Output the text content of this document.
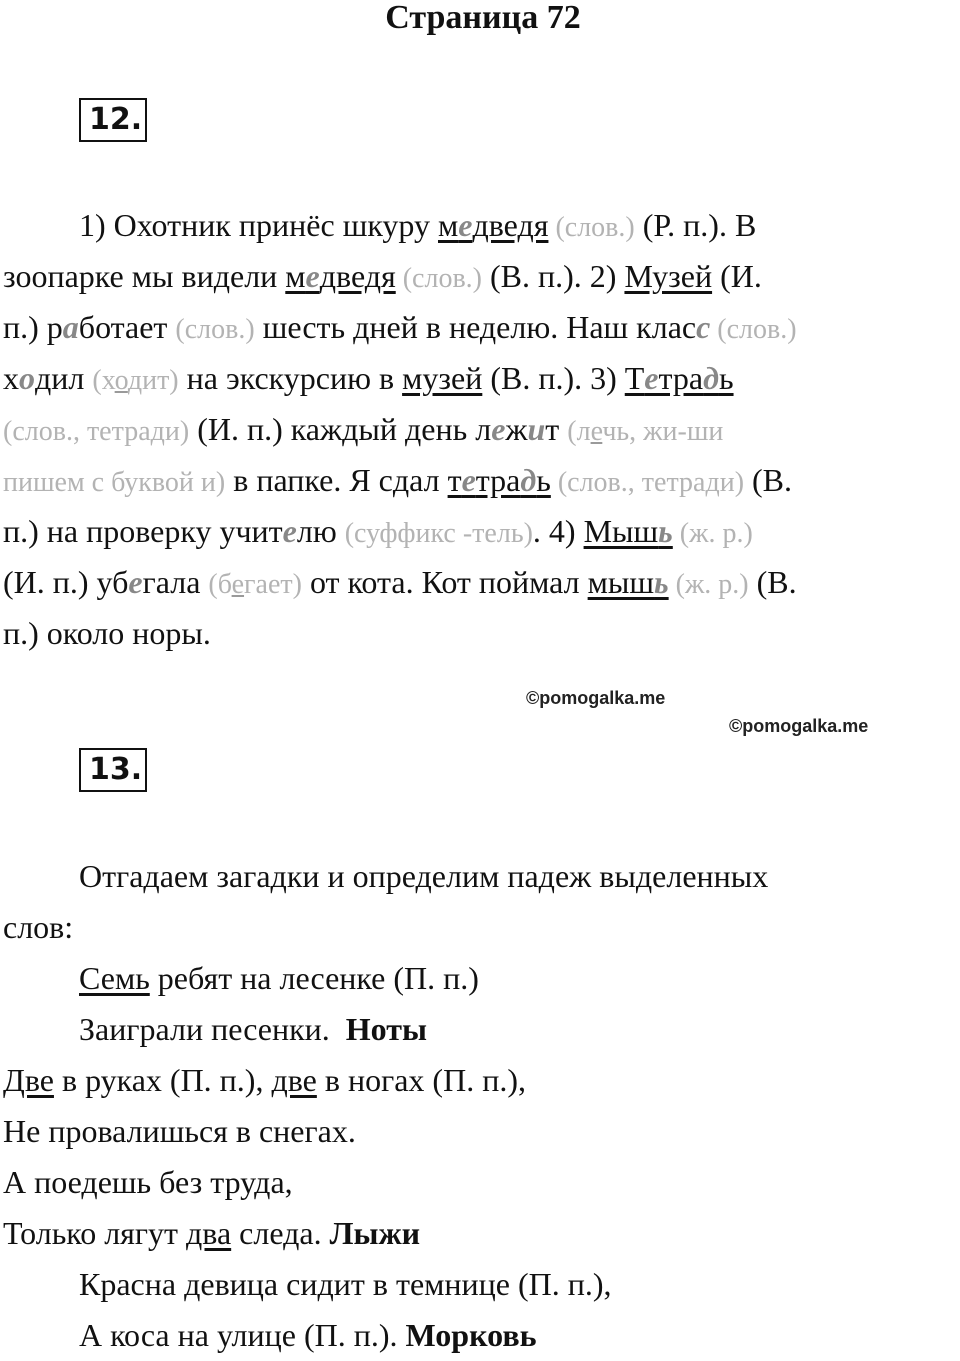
Страница 72
12.
1) Охотник принёс шкуру медведя (слов.) (Р. п.). В
зоопарке мы видели медведя (слов.) (В. п.). 2) Музей (И.
п.) работает (слов.) шесть дней в неделю. Наш класс (слов.)
ходил (ходит) на экскурсию в музей (В. п.). 3) Тетрадь
(слов., тетради) (И. п.) каждый день лежит (лечь, жи-ши
пишем с буквой и) в папке. Я сдал тетрадь (слов., тетради) (В.
п.) на проверку учителю (суффикс -тель). 4) Мышь (ж. р.)
(И. п.) убегала (бегает) от кота. Кот поймал мышь (ж. р.) (В.
п.) около норы.
©pomogalka.me
©pomogalka.me
13.
Отгадаем загадки и определим падеж выделенных
слов:
Семь ребят на лесенке (П. п.)
Заиграли песенки. Ноты
Две в руках (П. п.), две в ногах (П. п.),
Не провалишься в снегах.
А поедешь без труда,
Только лягут два следа. Лыжи
Красна девица сидит в темнице (П. п.),
А коса на улице (П. п.). Морковь
